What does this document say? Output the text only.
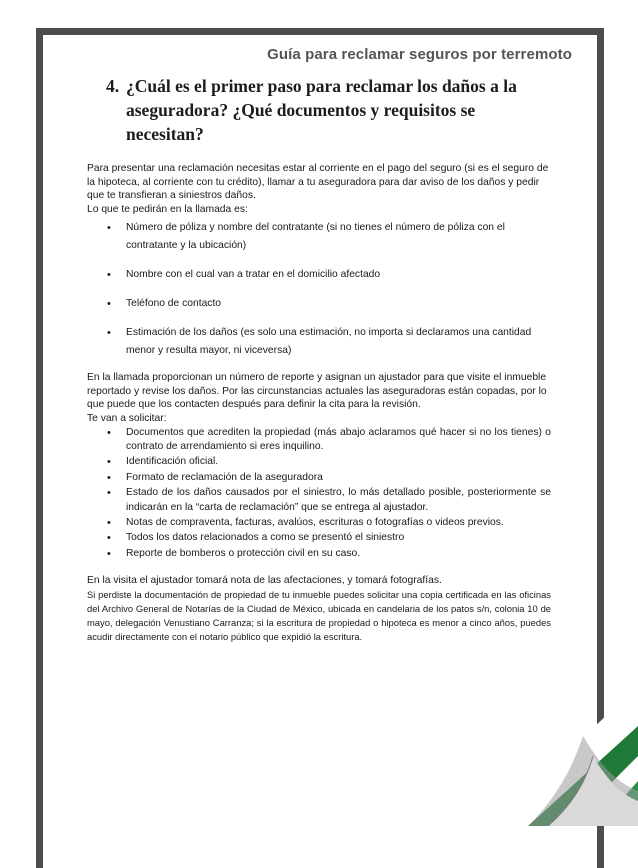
Guía para reclamar seguros por terremoto
4. ¿Cuál es el primer paso para reclamar los daños a la aseguradora? ¿Qué documentos y requisitos se necesitan?

Para presentar una reclamación necesitas estar al corriente en el pago del seguro (si es el seguro de la hipoteca, al corriente con tu crédito), llamar a tu aseguradora para dar aviso de los daños y pedir que te transfieran a siniestros daños.

Lo que te pedirán en la llamada es:

• Número de póliza y nombre del contratante (si no tienes el número de póliza con el contratante y la ubicación)
• Nombre con el cual van a tratar en el domicilio afectado
• Teléfono de contacto
• Estimación de los daños (es solo una estimación, no importa si declaramos una cantidad menor y resulta mayor, ni viceversa)

En la llamada proporcionan un número de reporte y asignan un ajustador para que visite el inmueble reportado y revise los daños. Por las circunstancias actuales las aseguradoras están copadas, por lo que puede que los contacten después para definir la cita para la revisión.

Te van a solicitar:

• Documentos que acrediten la propiedad (más abajo aclaramos qué hacer si no los tienes) o contrato de arrendamiento si eres inquilino.
• Identificación oficial.
• Formato de reclamación de la aseguradora
• Estado de los daños causados por el siniestro, lo más detallado posible, posteriormente se indicarán en la “carta de reclamación” que se entrega al ajustador.
• Notas de compraventa, facturas, avalúos, escrituras o fotografías o videos previos.
• Todos los datos relacionados a como se presentó el siniestro
• Reporte de bomberos o protección civil en su caso.

En la visita el ajustador tomará nota de las afectaciones, y tomará fotografías.

Si perdiste la documentación de propiedad de tu inmueble puedes solicitar una copia certificada en las oficinas del Archivo General de Notarías de la Ciudad de México, ubicada en candelaria de los patos s/n, colonia 10 de mayo, delegación Venustiano Carranza; si la escritura de propiedad o hipoteca es menor a cinco años, puedes acudir directamente con el notario público que expidió la escritura.
